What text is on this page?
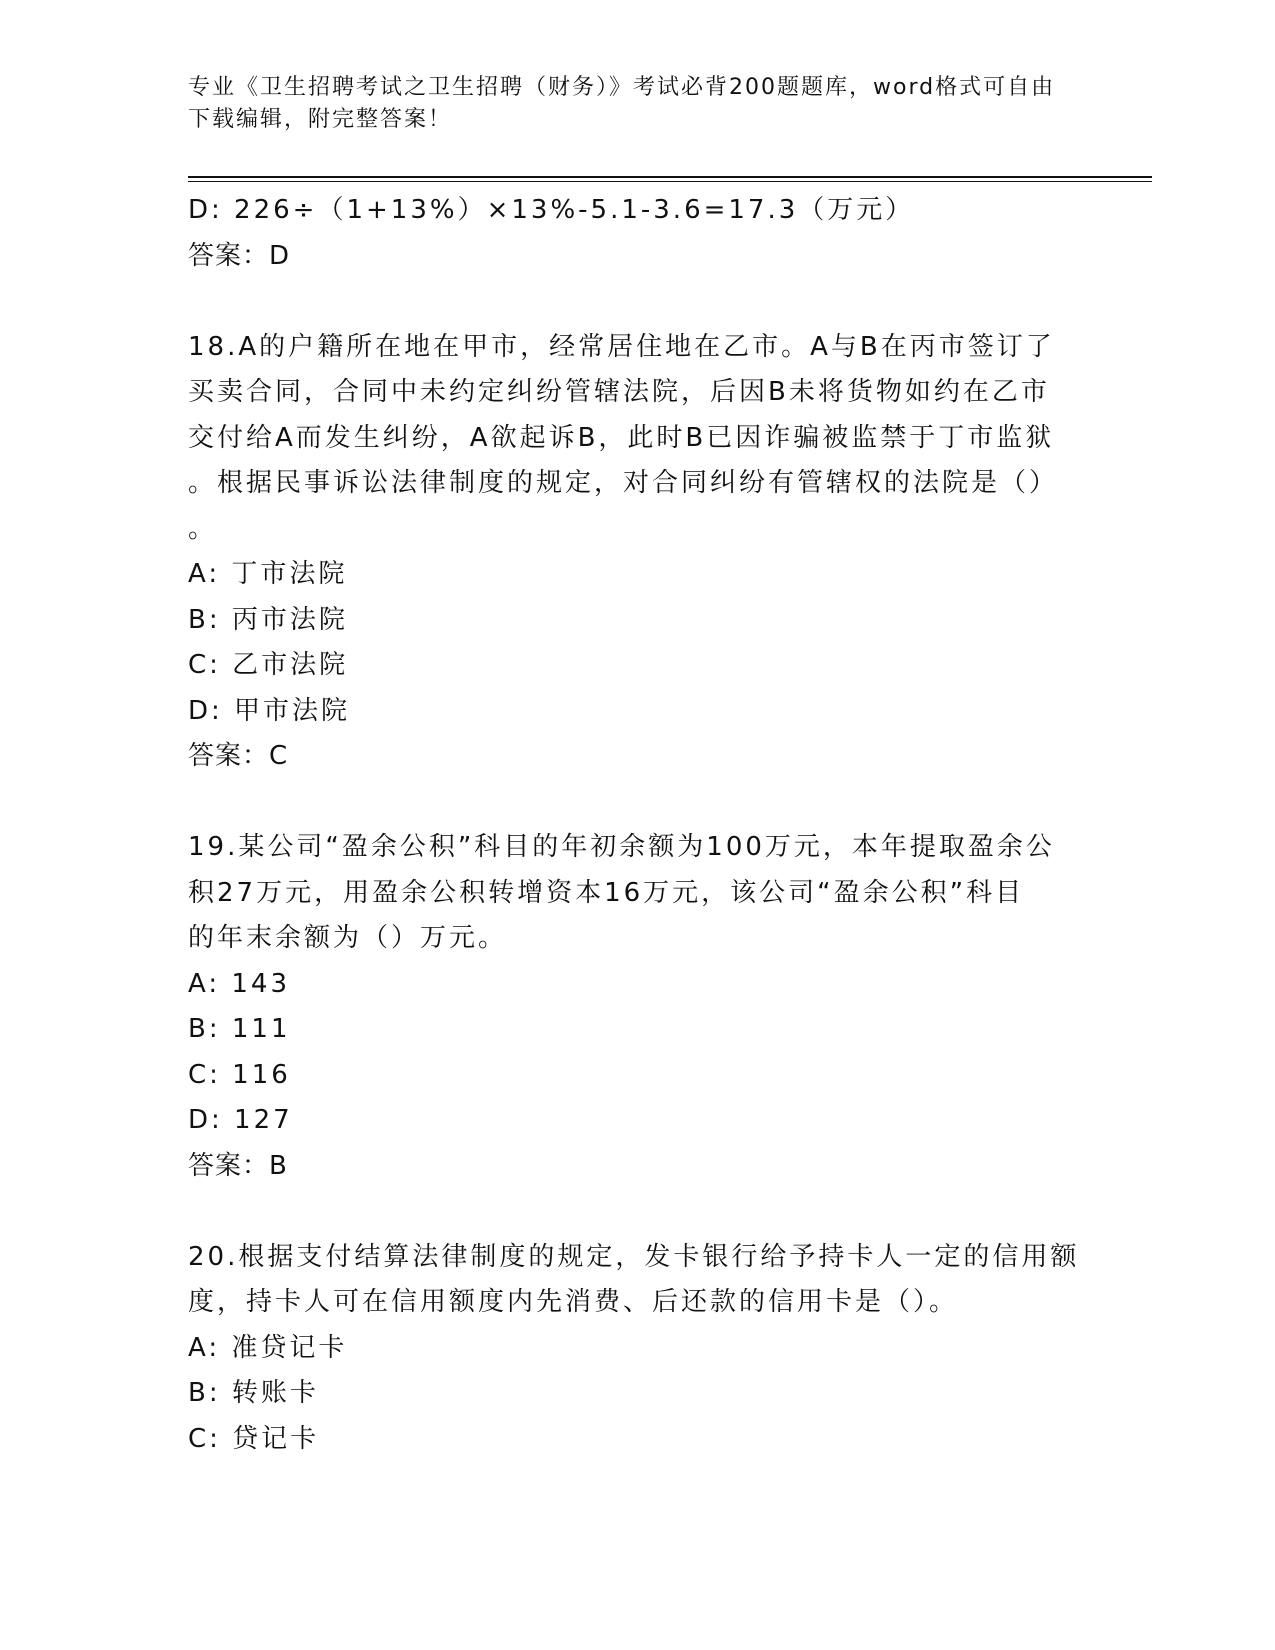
专业《卫生招聘考试之卫生招聘（财务）》考试必背200题题库，word格式可自由下载编辑，附完整答案！
D: 226÷（1+13%）×13%-5.1-3.6=17.3（万元）
答案：D
18.A的户籍所在地在甲市，经常居住地在乙市。A与B在丙市签订了
买卖合同，合同中未约定纠纷管辖法院，后因B未将货物如约在乙市
交付给A而发生纠纷，A欲起诉B，此时B已因诈骗被监禁于丁市监狱
。根据民事诉讼法律制度的规定，对合同纠纷有管辖权的法院是（）
。
A: 丁市法院
B: 丙市法院
C: 乙市法院
D: 甲市法院
答案：C
19.某公司“盈余公积”科目的年初余额为100万元，本年提取盈余公
积27万元，用盈余公积转增资本16万元，该公司“盈余公积”科目
的年末余额为（）万元。
A: 143
B: 111
C: 116
D: 127
答案：B
20.根据支付结算法律制度的规定，发卡银行给予持卡人一定的信用额
度，持卡人可在信用额度内先消费、后还款的信用卡是（）。
A: 准贷记卡
B: 转账卡
C: 贷记卡
